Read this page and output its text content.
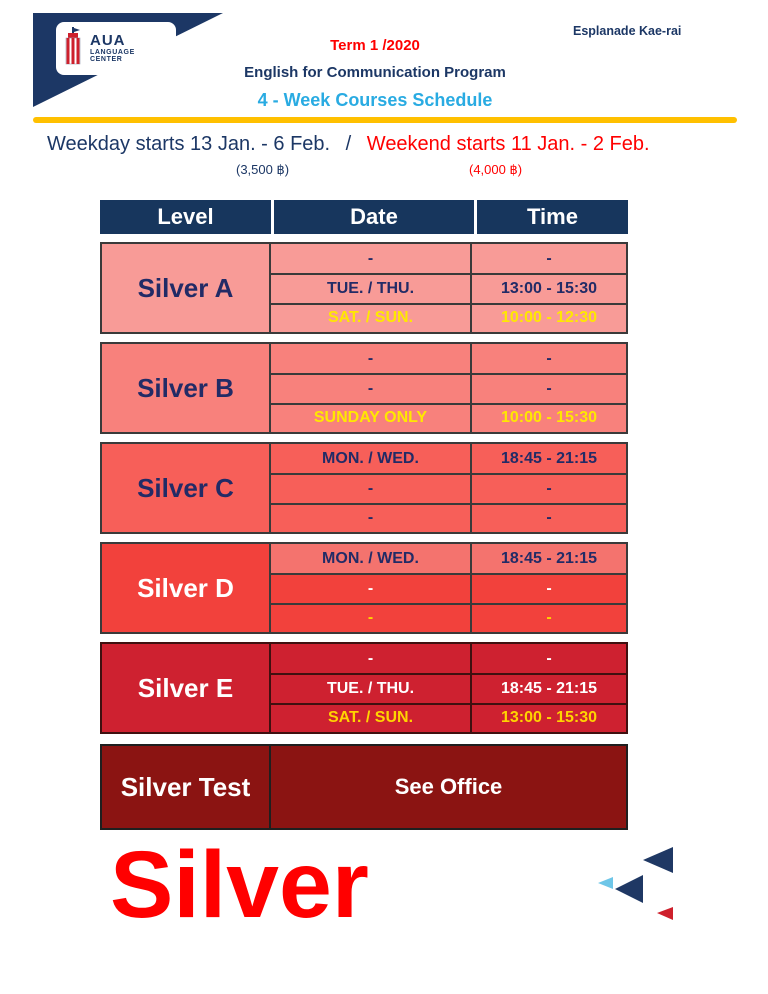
AUA
LANGUAGE
CENTER
Esplanade Kae-rai
Term 1 /2020
English for Communication Program
4 - Week Courses Schedule
Weekday starts 13 Jan. - 6 Feb. / Weekend starts 11 Jan. - 2 Feb.
(3,500 ฿)	(4,000 ฿)
Level	Date	Time
Silver A
-	-
TUE. / THU.	13:00 - 15:30
SAT. / SUN.	10:00 - 12:30
Silver B
-	-
-	-
SUNDAY ONLY	10:00 - 15:30
Silver C
MON. / WED.	18:45 - 21:15
-	-
-	-
Silver D
MON. / WED.	18:45 - 21:15
-	-
-	-
Silver E
-	-
TUE. / THU.	18:45 - 21:15
SAT. / SUN.	13:00 - 15:30
Silver Test	See Office
Silver
